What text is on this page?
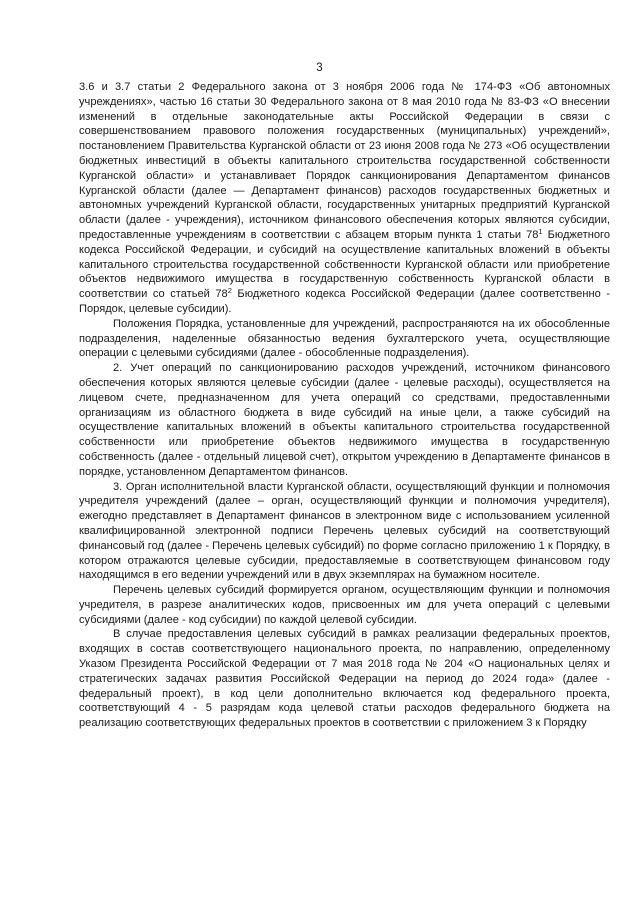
3

3.6 и 3.7 статьи 2 Федерального закона от 3 ноября 2006 года № 174-ФЗ «Об автономных учреждениях», частью 16 статьи 30 Федерального закона от 8 мая 2010 года № 83-ФЗ «О внесении изменений в отдельные законодательные акты Российской Федерации в связи с совершенствованием правового положения государственных (муниципальных) учреждений», постановлением Правительства Курганской области от 23 июня 2008 года № 273 «Об осуществлении бюджетных инвестиций в объекты капитального строительства государственной собственности Курганской области» и устанавливает Порядок санкционирования Департаментом финансов Курганской области (далее — Департамент финансов) расходов государственных бюджетных и автономных учреждений Курганской области, государственных унитарных предприятий Курганской области (далее - учреждения), источником финансового обеспечения которых являются субсидии, предоставленные учреждениям в соответствии с абзацем вторым пункта 1 статьи $78^1$ Бюджетного кодекса Российской Федерации, и субсидий на осуществление капитальных вложений в объекты капитального строительства государственной собственности Курганской области или приобретение объектов недвижимого имущества в государственную собственность Курганской области в соответствии со статьей $78^2$ Бюджетного кодекса Российской Федерации (далее соответственно - Порядок, целевые субсидии).

Положения Порядка, установленные для учреждений, распространяются на их обособленные подразделения, наделенные обязанностью ведения бухгалтерского учета, осуществляющие операции с целевыми субсидиями (далее - обособленные подразделения).

2. Учет операций по санкционированию расходов учреждений, источником финансового обеспечения которых являются целевые субсидии (далее - целевые расходы), осуществляется на лицевом счете, предназначенном для учета операций со средствами, предоставленными организациям из областного бюджета в виде субсидий на иные цели, а также субсидий на осуществление капитальных вложений в объекты капитального строительства государственной собственности или приобретение объектов недвижимого имущества в государственную собственность (далее - отдельный лицевой счет), открытом учреждению в Департаменте финансов в порядке, установленном Департаментом финансов.

3. Орган исполнительной власти Курганской области, осуществляющий функции и полномочия учредителя учреждений (далее – орган, осуществляющий функции и полномочия учредителя), ежегодно представляет в Департамент финансов в электронном виде с использованием усиленной квалифицированной электронной подписи Перечень целевых субсидий на соответствующий финансовый год (далее - Перечень целевых субсидий) по форме согласно приложению 1 к Порядку, в котором отражаются целевые субсидии, предоставляемые в соответствующем финансовом году находящимся в его ведении учреждений или в двух экземплярах на бумажном носителе.

Перечень целевых субсидий формируется органом, осуществляющим функции и полномочия учредителя, в разрезе аналитических кодов, присвоенных им для учета операций с целевыми субсидиями (далее - код субсидии) по каждой целевой субсидии.

В случае предоставления целевых субсидий в рамках реализации федеральных проектов, входящих в состав соответствующего национального проекта, по направлению, определенному Указом Президента Российской Федерации от 7 мая 2018 года № 204 «О национальных целях и стратегических задачах развития Российской Федерации на период до 2024 года» (далее - федеральный проект), в код цели дополнительно включается код федерального проекта, соответствующий 4 - 5 разрядам кода целевой статьи расходов федерального бюджета на реализацию соответствующих федеральных проектов в соответствии с приложением 3 к Порядку
